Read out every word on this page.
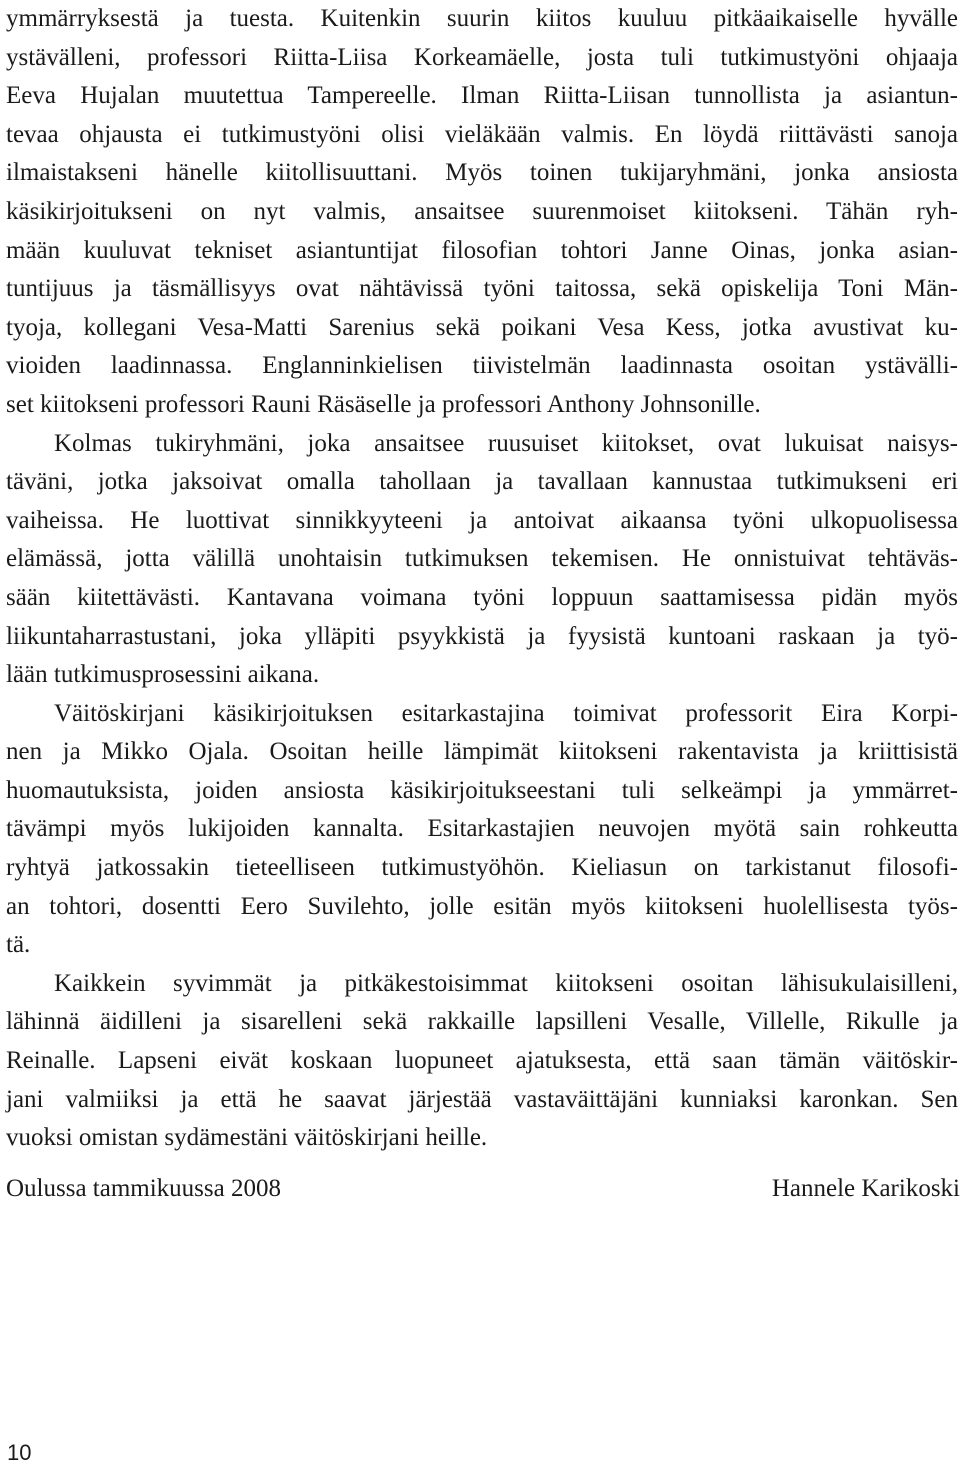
ymmärryksestä ja tuesta. Kuitenkin suurin kiitos kuuluu pitkäaikaiselle hyvälle
ystävälleni, professori Riitta-Liisa Korkeamäelle, josta tuli tutkimustyöni ohjaaja
Eeva Hujalan muutettua Tampereelle. Ilman Riitta-Liisan tunnollista ja asiantun-
tevaa ohjausta ei tutkimustyöni olisi vieläkään valmis. En löydä riittävästi sanoja
ilmaistakseni hänelle kiitollisuuttani. Myös toinen tukijaryhmäni, jonka ansiosta
käsikirjoitukseni on nyt valmis, ansaitsee suurenmoiset kiitokseni. Tähän ryh-
mään kuuluvat tekniset asiantuntijat filosofian tohtori Janne Oinas, jonka asian-
tuntijuus ja täsmällisyys ovat nähtävissä työni taitossa, sekä opiskelija Toni Män-
tyoja, kollegani Vesa-Matti Sarenius sekä poikani Vesa Kess, jotka avustivat ku-
vioiden laadinnassa. Englanninkielisen tiivistelmän laadinnasta osoitan ystävälli-
set kiitokseni professori Rauni Räsäselle ja professori Anthony Johnsonille.
Kolmas tukiryhmäni, joka ansaitsee ruusuiset kiitokset, ovat lukuisat naisys-
täväni, jotka jaksoivat omalla tahollaan ja tavallaan kannustaa tutkimukseni eri
vaiheissa. He luottivat sinnikkyyteeni ja antoivat aikaansa työni ulkopuolisessa
elämässä, jotta välillä unohtaisin tutkimuksen tekemisen. He onnistuivat tehtäväs-
sään kiitettävästi. Kantavana voimana työni loppuun saattamisessa pidän myös
liikuntaharrastustani, joka ylläpiti psyykkistä ja fyysistä kuntoani raskaan ja työ-
lään tutkimusprosessini aikana.
Väitöskirjani käsikirjoituksen esitarkastajina toimivat professorit Eira Korpi-
nen ja Mikko Ojala. Osoitan heille lämpimät kiitokseni rakentavista ja kriittisistä
huomautuksista, joiden ansiosta käsikirjoitukseestani tuli selkeämpi ja ymmärret-
tävämpi myös lukijoiden kannalta. Esitarkastajien neuvojen myötä sain rohkeutta
ryhtyä jatkossakin tieteelliseen tutkimustyöhön. Kieliasun on tarkistanut filosofi-
an tohtori, dosentti Eero Suvilehto, jolle esitän myös kiitokseni huolellisesta työs-
tä.
Kaikkein syvimmät ja pitkäkestoisimmat kiitokseni osoitan lähisukulaisilleni,
lähinnä äidilleni ja sisarelleni sekä rakkaille lapsilleni Vesalle, Villelle, Rikulle ja
Reinalle. Lapseni eivät koskaan luopuneet ajatuksesta, että saan tämän väitöskir-
jani valmiiksi ja että he saavat järjestää vastaväittäjäni kunniaksi karonkan. Sen
vuoksi omistan sydämestäni väitöskirjani heille.
Oulussa tammikuussa 2008	Hannele Karikoski
10
